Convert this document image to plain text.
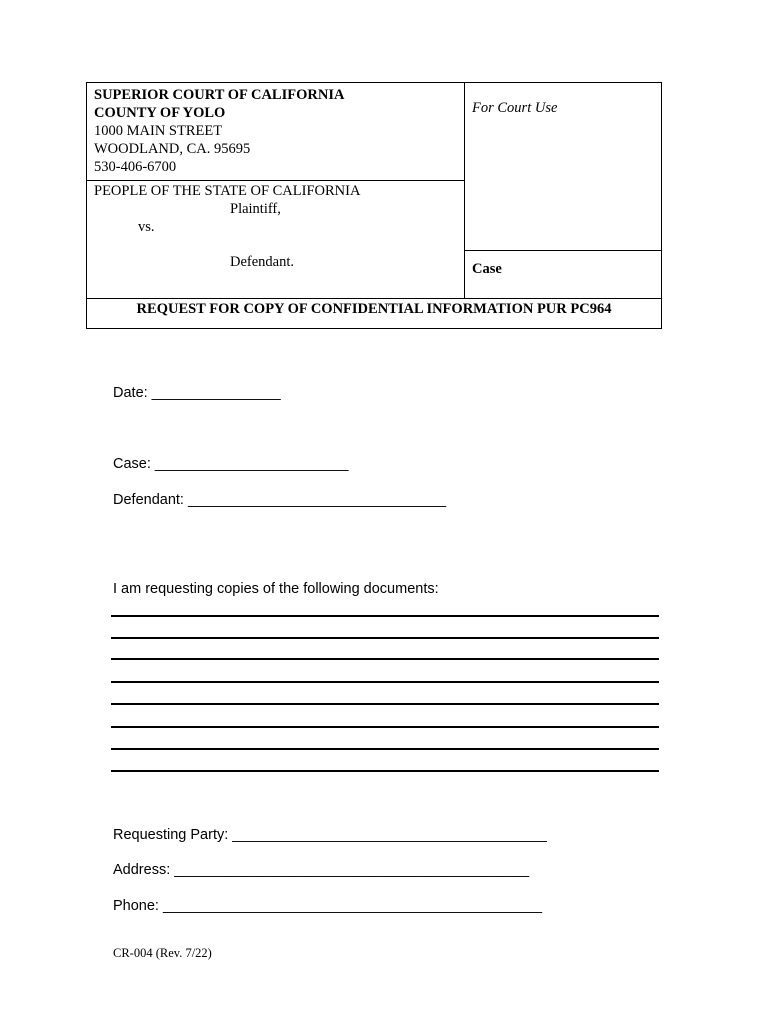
SUPERIOR COURT OF CALIFORNIA
COUNTY OF YOLO
1000 MAIN STREET
WOODLAND, CA. 95695
530-406-6700
PEOPLE OF THE STATE OF CALIFORNIA
Plaintiff,
vs.
Defendant.
For Court Use
Case
REQUEST FOR COPY OF CONFIDENTIAL INFORMATION PUR PC964
Date: ________________
Case: ________________________
Defendant: ________________________________
I am requesting copies of the following documents:
Requesting Party: _______________________________________
Address: ____________________________________________
Phone: _______________________________________________
CR-004 (Rev. 7/22)
